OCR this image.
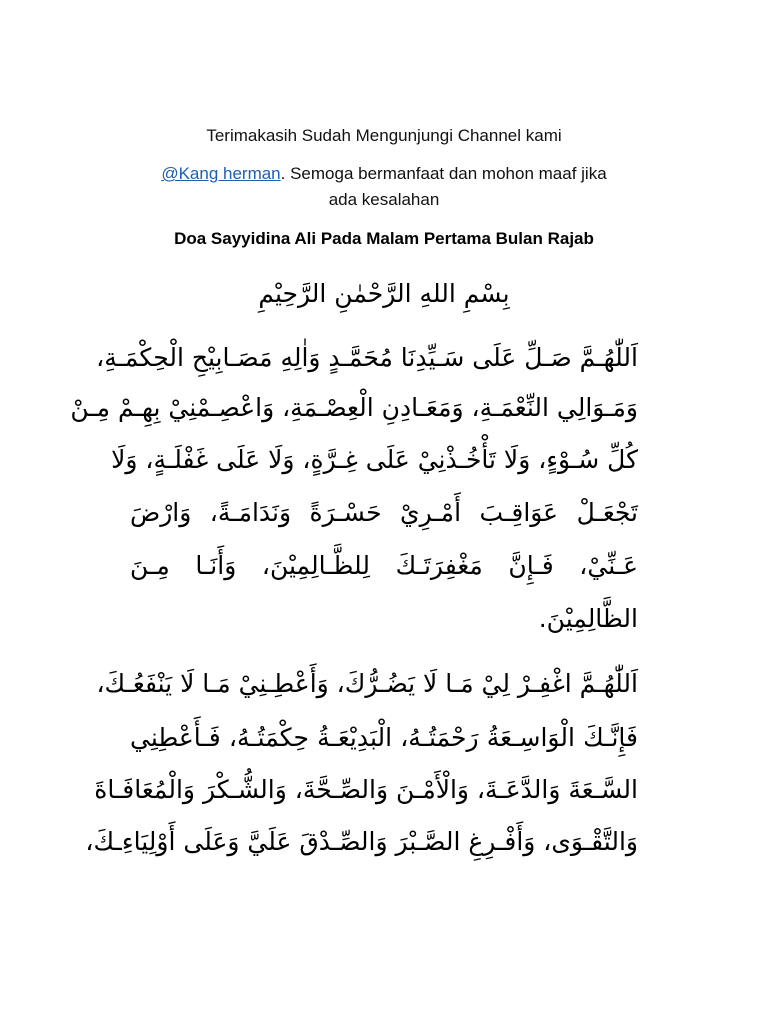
Terimakasih Sudah Mengunjungi Channel kami
@Kang herman. Semoga bermanfaat dan mohon maaf jika
ada kesalahan
Doa Sayyidina Ali Pada Malam Pertama Bulan Rajab
بِسْمِ اللهِ الرَّحْمٰنِ الرَّحِيْمِ
اَللّٰهُـمَّ صَـلِّ عَلَى سَـيِّدِنَا مُحَمَّـدٍ وَاٰلِهِ مَصَـابِيْحِ الْحِكْمَـةِ،
وَمَـوَالِي النِّعْمَـةِ، وَمَعَـادِنِ الْعِصْـمَةِ، وَاعْصِـمْنِيْ بِهِـمْ مِـنْ
كُلِّ سُـوْءٍ، وَلَا تَأْخُـذْنِيْ عَلَى غِـرَّةٍ، وَلَا عَلَى غَفْلَـةٍ، وَلَا
تَجْعَـلْ عَوَاقِـبَ أَمْـرِيْ حَسْـرَةً وَنَدَامَـةً، وَارْضَ
عَـنِّيْ، فَـإِنَّ مَغْفِرَتَـكَ لِلظَّـالِمِيْنَ، وَأَنَـا مِـنَ
الظَّالِمِيْنَ.
اَللّٰهُـمَّ اغْفِـرْ لِيْ مَـا لَا يَضُـرُّكَ، وَأَعْطِـنِيْ مَـا لَا يَنْفَعُـكَ،
فَإِنَّـكَ الْوَاسِـعَةُ رَحْمَتُـهُ، الْبَدِيْعَـةُ حِكْمَتُـهُ، فَـأَعْطِنِي
السَّـعَةَ وَالدَّعَـةَ، وَالْأَمْـنَ وَالصِّـحَّةَ، وَالشُّـكْرَ وَالْمُعَافَـاةَ
وَالتَّقْـوَى، وَأَفْـرِغِ الصَّـبْرَ وَالصِّـدْقَ عَلَيَّ وَعَلَى أَوْلِيَاءِـكَ،
